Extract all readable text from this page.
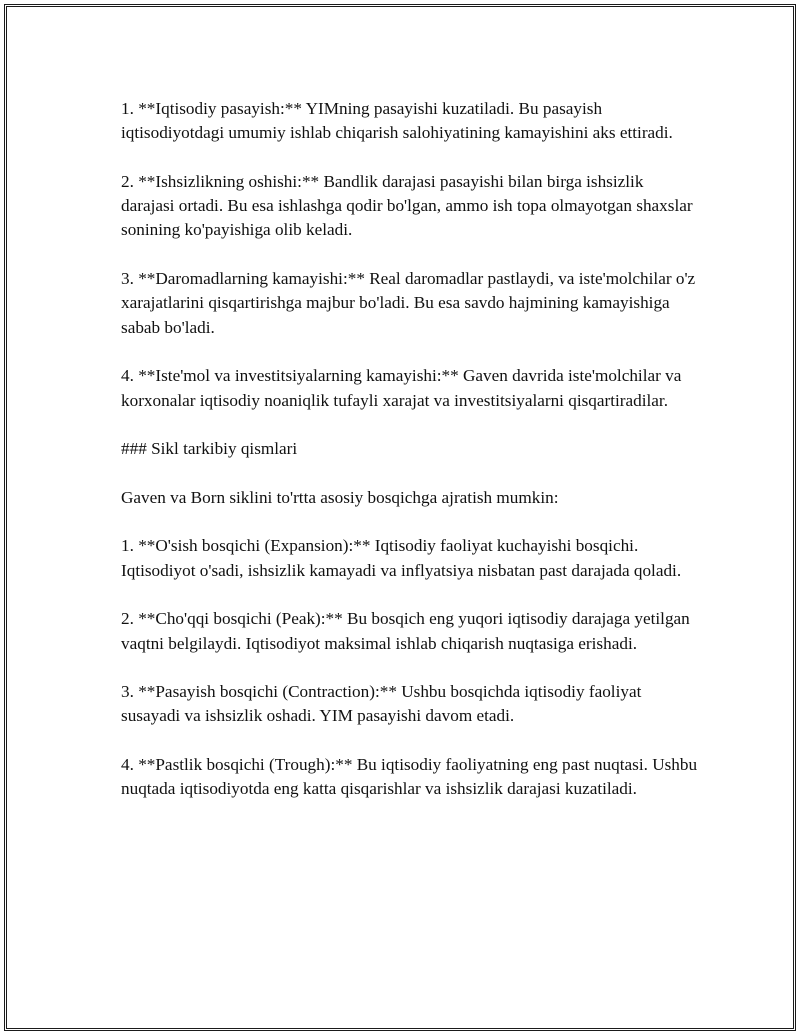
1. **Iqtisodiy pasayish:** YIMning pasayishi kuzatiladi. Bu pasayish iqtisodiyotdagi umumiy ishlab chiqarish salohiyatining kamayishini aks ettiradi.

2. **Ishsizlikning oshishi:** Bandlik darajasi pasayishi bilan birga ishsizlik darajasi ortadi. Bu esa ishlashga qodir bo'lgan, ammo ish topa olmayotgan shaxslar sonining ko'payishiga olib keladi.

3. **Daromadlarning kamayishi:** Real daromadlar pastlaydi, va iste'molchilar o'z xarajatlarini qisqartirishga majbur bo'ladi. Bu esa savdo hajmining kamayishiga sabab bo'ladi.

4. **Iste'mol va investitsiyalarning kamayishi:** Gaven davrida iste'molchilar va korxonalar iqtisodiy noaniqlik tufayli xarajat va investitsiyalarni qisqartiradilar.

### Sikl tarkibiy qismlari

Gaven va Born siklini to'rtta asosiy bosqichga ajratish mumkin:

1. **O'sish bosqichi (Expansion):** Iqtisodiy faoliyat kuchayishi bosqichi. Iqtisodiyot o'sadi, ishsizlik kamayadi va inflyatsiya nisbatan past darajada qoladi.

2. **Cho'qqi bosqichi (Peak):** Bu bosqich eng yuqori iqtisodiy darajaga yetilgan vaqtni belgilaydi. Iqtisodiyot maksimal ishlab chiqarish nuqtasiga erishadi.

3. **Pasayish bosqichi (Contraction):** Ushbu bosqichda iqtisodiy faoliyat susayadi va ishsizlik oshadi. YIM pasayishi davom etadi.

4. **Pastlik bosqichi (Trough):** Bu iqtisodiy faoliyatning eng past nuqtasi. Ushbu nuqtada iqtisodiyotda eng katta qisqarishlar va ishsizlik darajasi kuzatiladi.
